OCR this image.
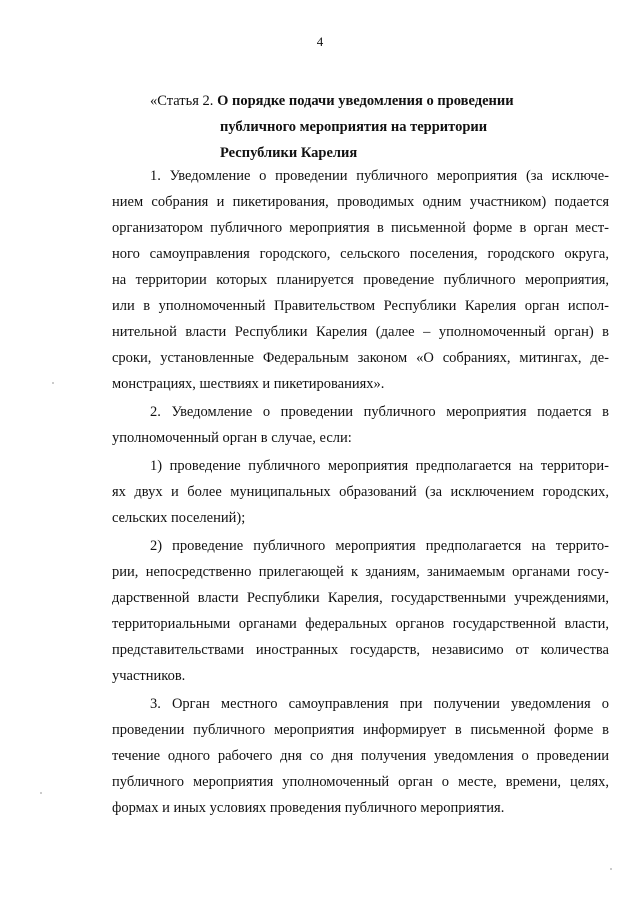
4
«Статья 2. О порядке подачи уведомления о проведении
публичного мероприятия на территории
Республики Карелия
1. Уведомление о проведении публичного мероприятия (за исключе-
нием собрания и пикетирования, проводимых одним участником) подается
организатором публичного мероприятия в письменной форме в орган мест-
ного самоуправления городского, сельского поселения, городского округа,
на территории которых планируется проведение публичного мероприятия,
или в уполномоченный Правительством Республики Карелия орган испол-
нительной власти Республики Карелия (далее – уполномоченный орган) в
сроки, установленные Федеральным законом «О собраниях, митингах, де-
монстрациях, шествиях и пикетированиях».
2. Уведомление о проведении публичного мероприятия подается в
уполномоченный орган в случае, если:
1) проведение публичного мероприятия предполагается на территори-
ях двух и более муниципальных образований (за исключением городских,
сельских поселений);
2) проведение публичного мероприятия предполагается на террито-
рии, непосредственно прилегающей к зданиям, занимаемым органами госу-
дарственной власти Республики Карелия, государственными учреждениями,
территориальными органами федеральных органов государственной власти,
представительствами иностранных государств, независимо от количества
участников.
3. Орган местного самоуправления при получении уведомления о
проведении публичного мероприятия информирует в письменной форме в
течение одного рабочего дня со дня получения уведомления о проведении
публичного мероприятия уполномоченный орган о месте, времени, целях,
формах и иных условиях проведения публичного мероприятия.
